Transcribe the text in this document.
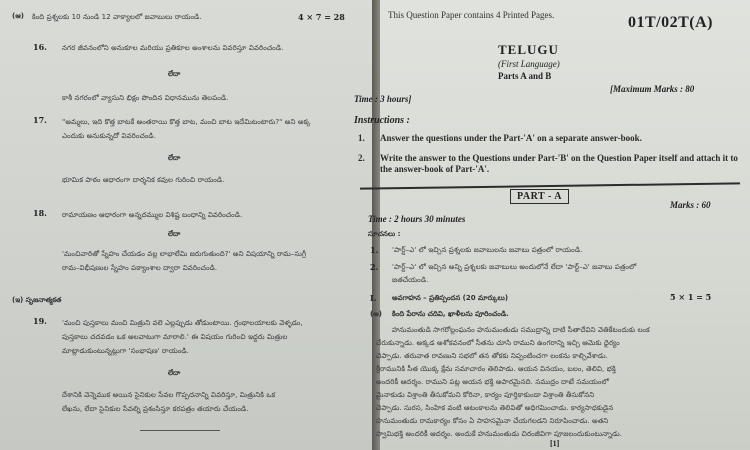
(ఆ) కింది ప్రశ్నలకు 10 నుండి 12 వాక్యాలలో జవాబులు రాయండి.	4 × 7 = 28
16. నగర జీవనంలోని అనుకూల మరియు ప్రతికూల అంశాలను వివరిస్తూ వివరించండి.
లేదా
కాశీ నగరంలో వ్యాసుని భిక్షం పొందిన విధానమును తెలపండి.
17. "అమ్మలు, ఇది కొత్త బాటకే అంతరాయి కొత్త బాట, మంచి బాట ఇదేమిటంటారు?" అని అక్క
ఎందుకు అనుకున్నదో వివరించండి.
లేదా
భూమిక పాఠం ఆధారంగా దార్శనిక కవుల గురించి రాయండి.
18. రామాయణం ఆధారంగా అన్నదమ్ముల విశిష్ట బంధాన్ని వివరించండి.
లేదా
'మంచివారితో స్నేహం చేయడం వల్ల లాభాలేమి జరుగుతుంది?' అని విషయాన్ని రామ–సుగ్రీ
రామ–విభీషణుల స్నేహం పఠ్యాంశాల ద్వారా వివరించండి.
(ఇ) సృజనాత్మకత
19. 'మంచి పుస్తకాలు మంచి మిత్రుని వలె ఎల్లప్పుడు తోడుంటాయి. గ్రంథాలయాలకు వెళ్ళడం,
పుస్తకాలు చదవడం ఒక అలవాటుగా మారాలి.' ఈ విషయం గురించి ఇద్దరు మిత్రుల
మాట్లాడుకుంటున్నట్లుగా 'సంభాషణ' రాయండి.
లేదా
దేశానికి వెన్నెముక అయిన సైనికుల సేవల గొప్పదనాన్ని వివరిస్తూ, మిత్రునికి ఒక
లేఖను, లేదా సైనికుల సేవల్ని ప్రశంసిస్తూ కరపత్రం తయారు చేయండి.
This Question Paper contains 4 Printed Pages.	01T/02T(A)
TELUGU
(First Language)
Parts A and B
Time : 3 hours]
[Maximum Marks : 80
Instructions :
1. Answer the questions under the Part-'A' on a separate answer-book.
2. Write the answer to the Questions under Part-'B' on the Question Paper itself and attach it to the answer-book of Part-'A'.
PART - A
Time : 2 hours 30 minutes
Marks : 60
సూచనలు :
1. 'పార్ట్–ఎ' లో ఇచ్చిన ప్రశ్నలకు జవాబులను జవాబు పత్రంలో రాయండి.
2. 'పార్ట్–ఎ' లో ఇచ్చిన అన్ని ప్రశ్నలకు జవాబులు అందులోనే లేదా 'పార్ట్–ఎ' జవాబు పత్రంలో
జతచేయండి.
I. అవగాహన – ప్రతిస్పందన (20 మార్కులు)	5 × 1 = 5
(అ) కింది పేరాను చదివి, ఖాళీలను పూరించండి.
హనుమంతుడి సాగరోల్లంఘనం హనుమంతుడు సముద్రాన్ని దాటి సీతాదేవిని వెతికేటందుకు లంక
చేరుకున్నాడు. అక్కడ అశోకవనంలో సీతను చూసి రాముని ఉంగరాన్ని ఇచ్చి ఆమెకు ధైర్యం
చెప్పాడు. తరువాత రావణుని సభలో తన తోకకు నిప్పంటించగా లంకను కాల్చివేశాడు.
శ్రీరామునికి సీత యొక్క క్షేమ సమాచారం తెలిపాడు. ఆయన వినయం, బలం, తెలివి, భక్తి
అందరికీ ఆదర్శం. రాముని పట్ల ఆయన భక్తి అపారమైనది. సముద్రం దాటే సమయంలో
మైనాకుడు విశ్రాంతి తీసుకోమని కోరినా, కార్యం పూర్తికాకుండా విశ్రాంతి తీసుకోనని
చెప్పాడు. సురస, సింహిక వంటి ఆటంకాలను తెలివితో అధిగమించాడు. కార్యసాధకుడైన
హనుమంతుడు రామకార్యం కోసం ఏ సాహసమైనా చేయగలడని నిరూపించాడు. అతని
స్వామిభక్తి అందరికీ ఆదర్శం. అందుకే హనుమంతుడు చిరంజీవిగా పూజలందుకుంటున్నాడు.
[1]
